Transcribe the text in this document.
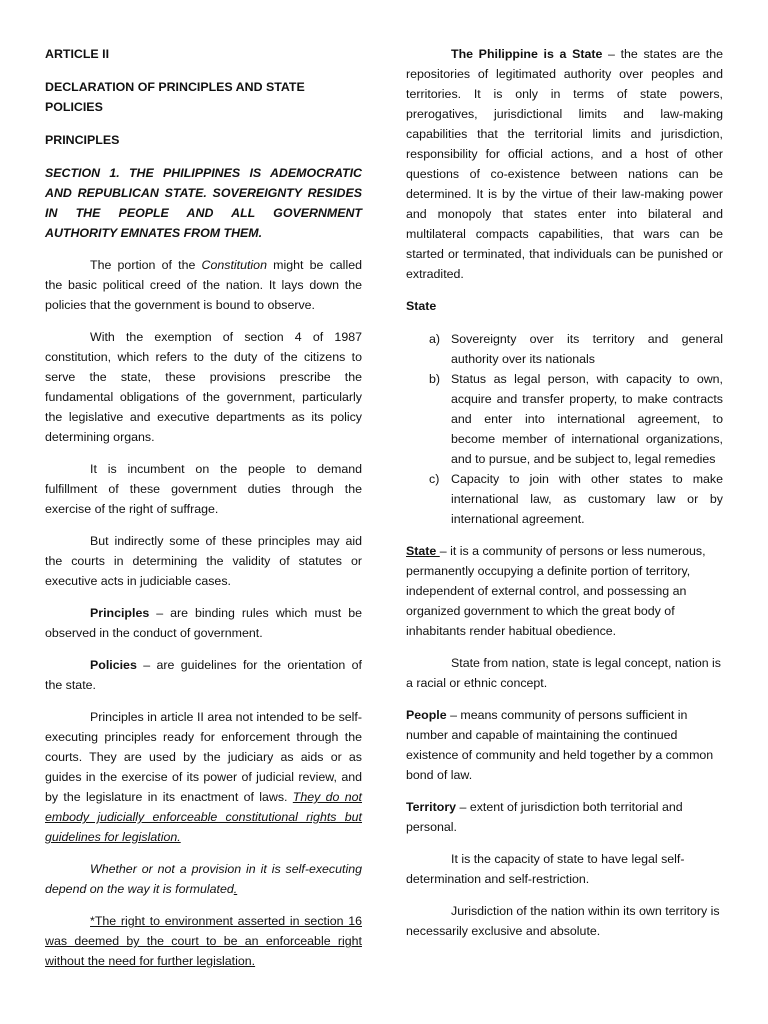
ARTICLE II
DECLARATION OF PRINCIPLES AND STATE POLICIES
PRINCIPLES

SECTION 1. THE PHILIPPINES IS ADEMOCRATIC AND REPUBLICAN STATE. SOVEREIGNTY RESIDES IN THE PEOPLE AND ALL GOVERNMENT AUTHORITY EMNATES FROM THEM.

The portion of the Constitution might be called the basic political creed of the nation. It lays down the policies that the government is bound to observe.

With the exemption of section 4 of 1987 constitution, which refers to the duty of the citizens to serve the state, these provisions prescribe the fundamental obligations of the government, particularly the legislative and executive departments as its policy determining organs.

It is incumbent on the people to demand fulfillment of these government duties through the exercise of the right of suffrage.

But indirectly some of these principles may aid the courts in determining the validity of statutes or executive acts in judiciable cases.

Principles – are binding rules which must be observed in the conduct of government.

Policies – are guidelines for the orientation of the state.

Principles in article II area not intended to be self-executing principles ready for enforcement through the courts. They are used by the judiciary as aids or as guides in the exercise of its power of judicial review, and by the legislature in its enactment of laws. They do not embody judicially enforceable constitutional rights but guidelines for legislation.

Whether or not a provision in it is self-executing depend on the way it is formulated.

*The right to environment asserted in section 16 was deemed by the court to be an enforceable right without the need for further legislation.

The Philippine is a State – the states are the repositories of legitimated authority over peoples and territories. It is only in terms of state powers, prerogatives, jurisdictional limits and law-making capabilities that the territorial limits and jurisdiction, responsibility for official actions, and a host of other questions of co-existence between nations can be determined. It is by the virtue of their law-making power and monopoly that states enter into bilateral and multilateral compacts capabilities, that wars can be started or terminated, that individuals can be punished or extradited.

State
a) Sovereignty over its territory and general authority over its nationals
b) Status as legal person, with capacity to own, acquire and transfer property, to make contracts and enter into international agreement, to become member of international organizations, and to pursue, and be subject to, legal remedies
c) Capacity to join with other states to make international law, as customary law or by international agreement.

State – it is a community of persons or less numerous, permanently occupying a definite portion of territory, independent of external control, and possessing an organized government to which the great body of inhabitants render habitual obedience.

State from nation, state is legal concept, nation is a racial or ethnic concept.

People – means community of persons sufficient in number and capable of maintaining the continued existence of community and held together by a common bond of law.

Territory – extent of jurisdiction both territorial and personal.

It is the capacity of state to have legal self-determination and self-restriction.

Jurisdiction of the nation within its own territory is necessarily exclusive and absolute.
